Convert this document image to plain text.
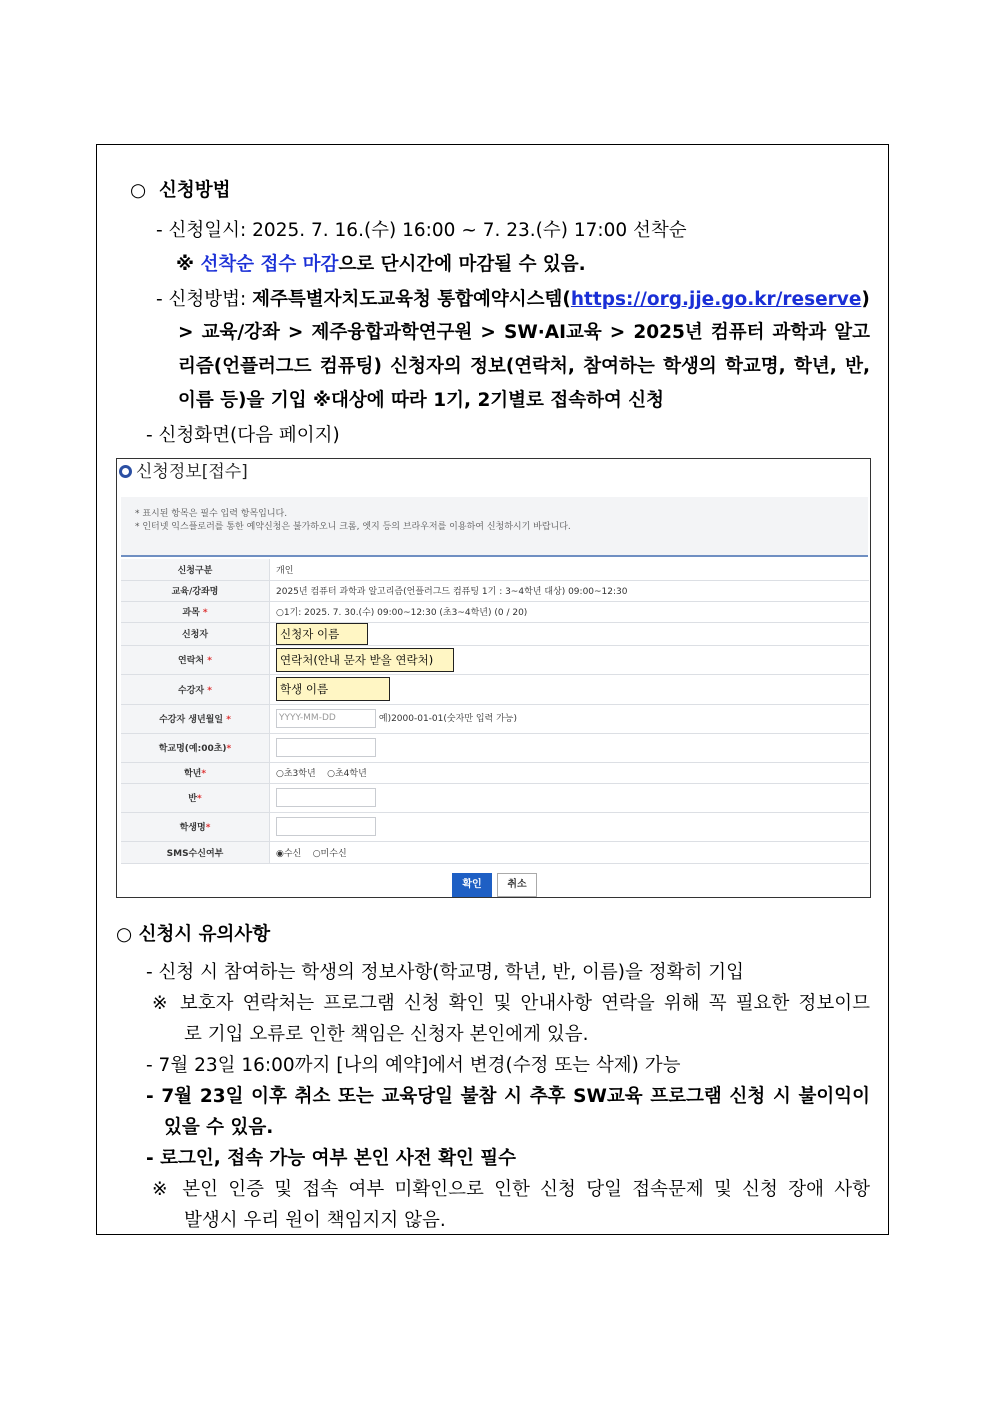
○ 신청방법
- 신청일시: 2025. 7. 16.(수) 16:00 ~ 7. 23.(수) 17:00 선착순
※ 선착순 접수 마감으로 단시간에 마감될 수 있음.
- 신청방법: 제주특별자치도교육청 통합예약시스템(https://org.jje.go.kr/reserve)
> 교육/강좌 > 제주융합과학연구원 > SW·AI교육 > 2025년 컴퓨터 과학과 알고
리즘(언플러그드 컴퓨팅) 신청자의 정보(연락처, 참여하는 학생의 학교명, 학년, 반,
이름 등)을 기입 ※대상에 따라 1기, 2기별로 접속하여 신청
- 신청화면(다음 페이지)
신청정보[접수]
* 표시된 항목은 필수 입력 항목입니다.
* 인터넷 익스플로러를 통한 예약신청은 불가하오니 크롬, 엣지 등의 브라우저를 이용하여 신청하시기 바랍니다.
신청구분	개인
교육/강좌명	2025년 컴퓨터 과학과 알고리즘(언플러그드 컴퓨팅 1기 : 3~4학년 대상) 09:00~12:30
과목 *	○1기: 2025. 7. 30.(수) 09:00~12:30 (초3~4학년) (0 / 20)
신청자	신청자 이름
연락처 *	연락처(안내 문자 받을 연락처)
수강자 *	학생 이름
수강자 생년월일 *	YYYY-MM-DD 예)2000-01-01(숫자만 입력 가능)
학교명(예:00초)*	
학년*	○초3학년 ○초4학년
반*	
학생명*	
SMS수신여부	◉수신 ○미수신
확인	취소
○ 신청시 유의사항
- 신청 시 참여하는 학생의 정보사항(학교명, 학년, 반, 이름)을 정확히 기입
※ 보호자 연락처는 프로그램 신청 확인 및 안내사항 연락을 위해 꼭 필요한 정보이므
로 기입 오류로 인한 책임은 신청자 본인에게 있음.
- 7월 23일 16:00까지 [나의 예약]에서 변경(수정 또는 삭제) 가능
- 7월 23일 이후 취소 또는 교육당일 불참 시 추후 SW교육 프로그램 신청 시 불이익이
있을 수 있음.
- 로그인, 접속 가능 여부 본인 사전 확인 필수
※ 본인 인증 및 접속 여부 미확인으로 인한 신청 당일 접속문제 및 신청 장애 사항
발생시 우리 원이 책임지지 않음.
